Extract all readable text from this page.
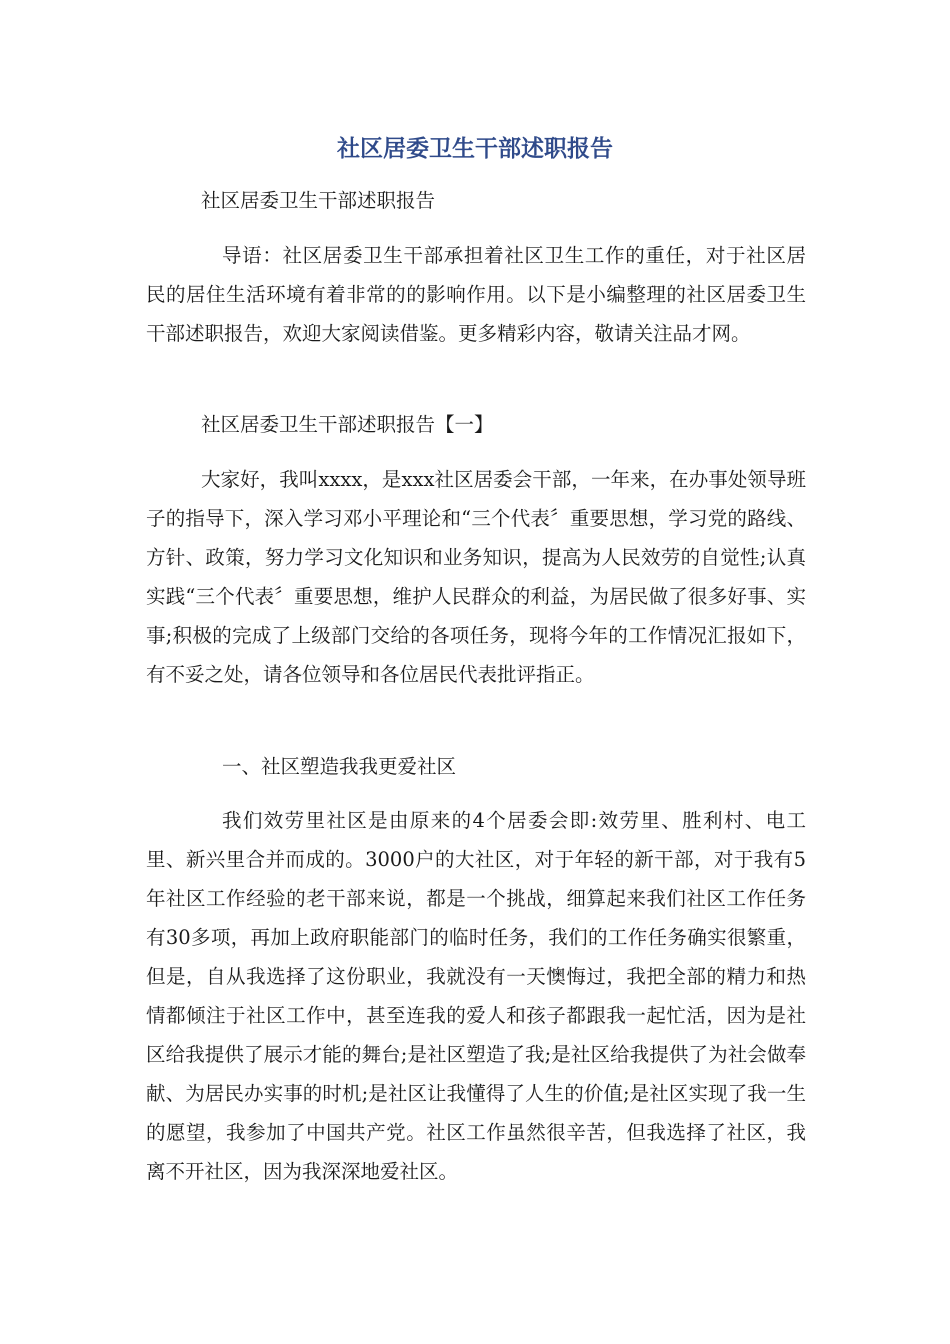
社区居委卫生干部述职报告

社区居委卫生干部述职报告

导语：社区居委卫生干部承担着社区卫生工作的重任，对于社区居民的居住生活环境有着非常的的影响作用。以下是小编整理的社区居委卫生干部述职报告，欢迎大家阅读借鉴。更多精彩内容，敬请关注品才网。

社区居委卫生干部述职报告【一】

大家好，我叫xxxx，是xxx社区居委会干部，一年来，在办事处领导班子的指导下，深入学习邓小平理论和“三个代表〞重要思想，学习党的路线、方针、政策，努力学习文化知识和业务知识，提高为人民效劳的自觉性;认真实践“三个代表〞重要思想，维护人民群众的利益，为居民做了很多好事、实事;积极的完成了上级部门交给的各项任务，现将今年的工作情况汇报如下，有不妥之处，请各位领导和各位居民代表批评指正。

一、社区塑造我我更爱社区

我们效劳里社区是由原来的4个居委会即:效劳里、胜利村、电工里、新兴里合并而成的。3000户的大社区，对于年轻的新干部，对于我有5年社区工作经验的老干部来说，都是一个挑战，细算起来我们社区工作任务有30多项，再加上政府职能部门的临时任务，我们的工作任务确实很繁重，但是，自从我选择了这份职业，我就没有一天懊悔过，我把全部的精力和热情都倾注于社区工作中，甚至连我的爱人和孩子都跟我一起忙活，因为是社区给我提供了展示才能的舞台;是社区塑造了我;是社区给我提供了为社会做奉献、为居民办实事的时机;是社区让我懂得了人生的价值;是社区实现了我一生的愿望，我参加了中国共产党。社区工作虽然很辛苦，但我选择了社区，我离不开社区，因为我深深地爱社区。
